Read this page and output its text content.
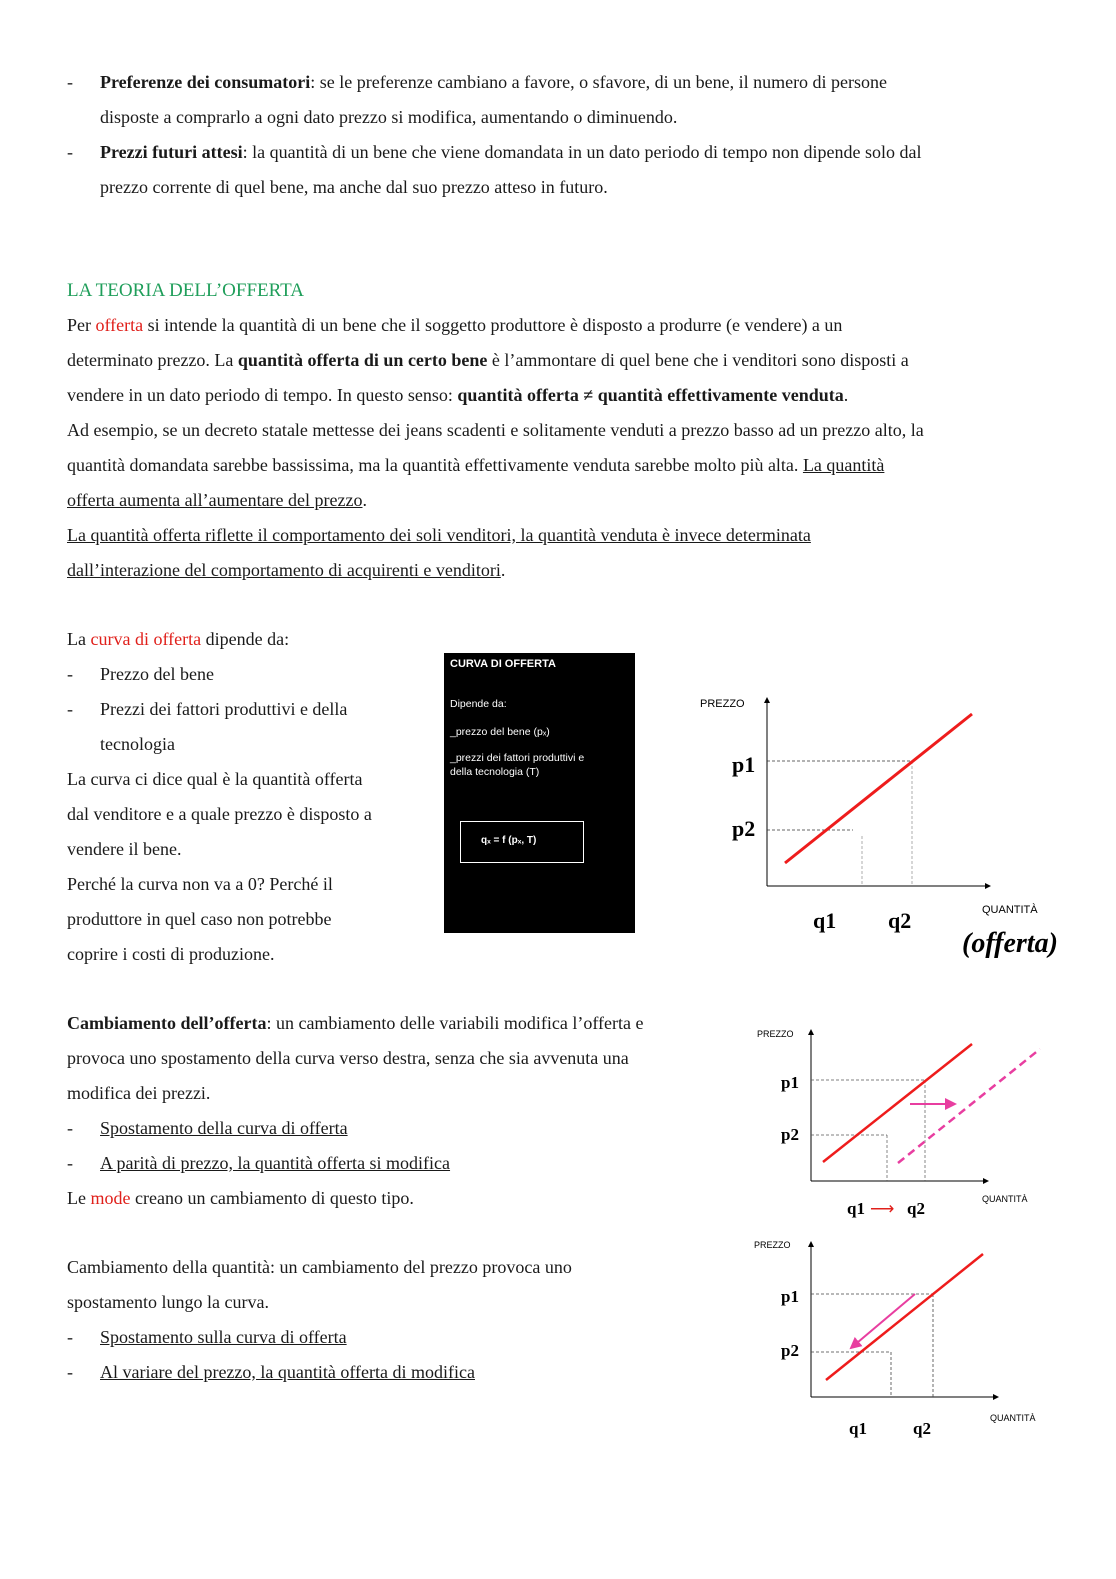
- Preferenze dei consumatori: se le preferenze cambiano a favore, o sfavore, di un bene, il numero di persone
disposte a comprarlo a ogni dato prezzo si modifica, aumentando o diminuendo.
- Prezzi futuri attesi: la quantità di un bene che viene domandata in un dato periodo di tempo non dipende solo dal
prezzo corrente di quel bene, ma anche dal suo prezzo atteso in futuro.
LA TEORIA DELL’OFFERTA
Per offerta si intende la quantità di un bene che il soggetto produttore è disposto a produrre (e vendere) a un
determinato prezzo. La quantità offerta di un certo bene è l’ammontare di quel bene che i venditori sono disposti a
vendere in un dato periodo di tempo. In questo senso: quantità offerta ≠ quantità effettivamente venduta.
Ad esempio, se un decreto statale mettesse dei jeans scadenti e solitamente venduti a prezzo basso ad un prezzo alto, la
quantità domandata sarebbe bassissima, ma la quantità effettivamente venduta sarebbe molto più alta. La quantità
offerta aumenta all’aumentare del prezzo.
La quantità offerta riflette il comportamento dei soli venditori, la quantità venduta è invece determinata
dall’interazione del comportamento di acquirenti e venditori.
La curva di offerta dipende da:
- Prezzo del bene
- Prezzi dei fattori produttivi e della
tecnologia
La curva ci dice qual è la quantità offerta
dal venditore e a quale prezzo è disposto a
vendere il bene.
Perché la curva non va a 0? Perché il
produttore in quel caso non potrebbe
coprire i costi di produzione.
Cambiamento dell’offerta: un cambiamento delle variabili modifica l’offerta e
provoca uno spostamento della curva verso destra, senza che sia avvenuta una
modifica dei prezzi.
- Spostamento della curva di offerta
- A parità di prezzo, la quantità offerta si modifica
Le mode creano un cambiamento di questo tipo.
Cambiamento della quantità: un cambiamento del prezzo provoca uno
spostamento lungo la curva.
- Spostamento sulla curva di offerta
- Al variare del prezzo, la quantità offerta di modifica
CURVA DI OFFERTA
Dipende da:
_prezzo del bene (pₓ)
_prezzi dei fattori produttivi e
della tecnologia (T)
qₓ = f (pₓ, T)
PREZZO
QUANTITÀ
p1
p2
q1 q2
(offerta)
PREZZO
QUANTITÀ
p1
p2
q1 ⟶ q2
PREZZO
QUANTITÀ
p1
p2
q1	q2
